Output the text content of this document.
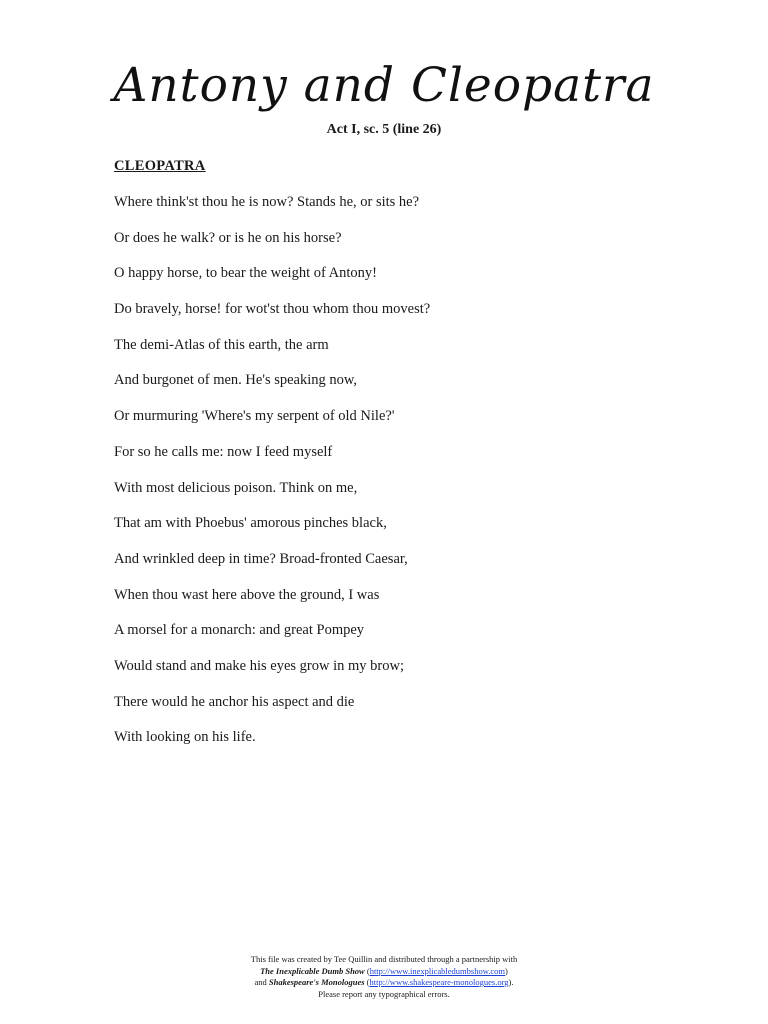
Antony and Cleopatra
Act I, sc. 5 (line 26)
CLEOPATRA
Where think'st thou he is now? Stands he, or sits he?
Or does he walk? or is he on his horse?
O happy horse, to bear the weight of Antony!
Do bravely, horse! for wot'st thou whom thou movest?
The demi-Atlas of this earth, the arm
And burgonet of men. He's speaking now,
Or murmuring 'Where's my serpent of old Nile?'
For so he calls me: now I feed myself
With most delicious poison. Think on me,
That am with Phoebus' amorous pinches black,
And wrinkled deep in time? Broad-fronted Caesar,
When thou wast here above the ground, I was
A morsel for a monarch: and great Pompey
Would stand and make his eyes grow in my brow;
There would he anchor his aspect and die
With looking on his life.
This file was created by Tee Quillin and distributed through a partnership with
The Inexplicable Dumb Show (http://www.inexplicabledumbshow.com)
and Shakespeare's Monologues (http://www.shakespeare-monologues.org).
Please report any typographical errors.
